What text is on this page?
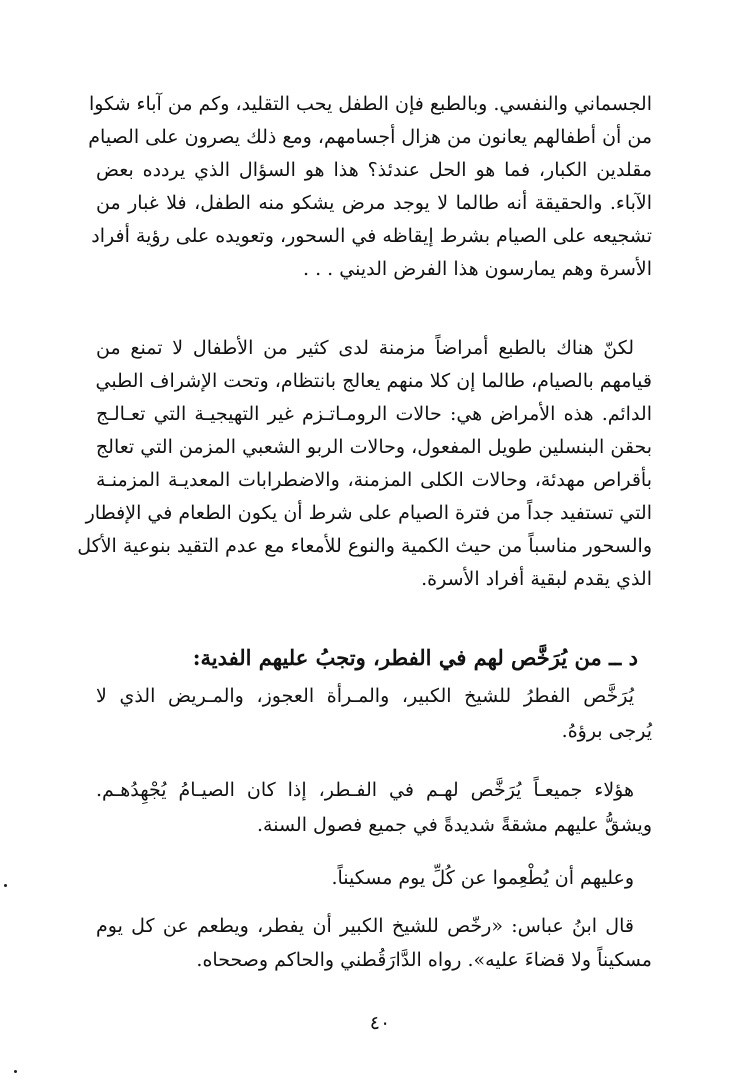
الجسماني والنفسي. وبالطبع فإن الطفل يحب التقليد، وكم من آباء شكوا
من أن أطفالهم يعانون من هزال أجسامهم، ومع ذلك يصرون على الصيام
مقلدين الكبار، فما هو الحل عندئذ؟ هذا هو السؤال الذي يردده بعض
الآباء. والحقيقة أنه طالما لا يوجد مرض يشكو منه الطفل، فلا غبار من
تشجيعه على الصيام بشرط إيقاظه في السحور، وتعويده على رؤية أفراد
الأسرة وهم يمارسون هذا الفرض الديني . . .
لكنّ هناك بالطبع أمراضاً مزمنة لدى كثير من الأطفال لا تمنع من
قيامهم بالصيام، طالما إن كلا منهم يعالج بانتظام، وتحت الإشراف الطبي
الدائم. هذه الأمراض هي: حالات الرومـاتـزم غير التهيجيـة التي تعـالـج
بحقن البنسلين طويل المفعول، وحالات الربو الشعبي المزمن التي تعالج
بأقراص مهدئة، وحالات الكلى المزمنة، والاضطرابات المعديـة المزمنـة
التي تستفيد جداً من فترة الصيام على شرط أن يكون الطعام في الإفطار
والسحور مناسباً من حيث الكمية والنوع للأمعاء مع عدم التقيد بنوعية الأكل
الذي يقدم لبقية أفراد الأسرة.
د ــ من يُرَخَّص لهم في الفطر، وتجبُ عليهم الفدية:
يُرَخَّص الفطرُ للشيخ الكبير، والمـرأة العجوز، والمـريض الذي لا
يُرجى برؤهُ.
هؤلاء جميعـاً يُرَخَّص لهـم في الفـطر، إذا كان الصيـامُ يُجْهِدُهـم.
ويشقُّ عليهم مشقةً شديدةً في جميع فصول السنة.
وعليهم أن يُطْعِموا عن كُلِّ يوم مسكيناً.
قال ابنُ عباس: «رخّص للشيخ الكبير أن يفطر، ويطعم عن كل يوم
مسكيناً ولا قضاءَ عليه». رواه الدَّارَقُطني والحاكم وصححاه.
٤٠
